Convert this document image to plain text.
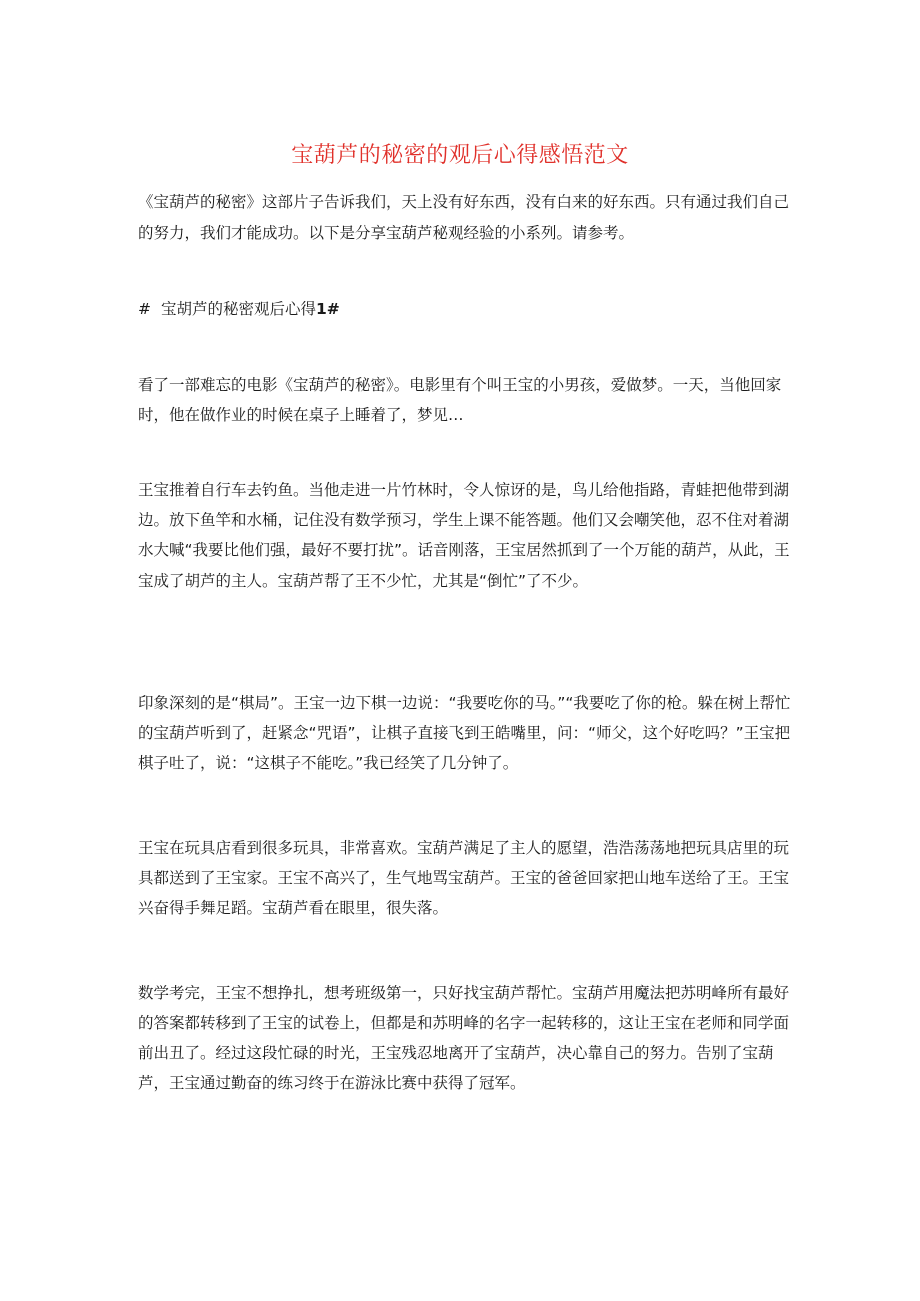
宝葫芦的秘密的观后心得感悟范文

《宝葫芦的秘密》这部片子告诉我们，天上没有好东西，没有白来的好东西。只有通过我们自己的努力，我们才能成功。以下是分享宝葫芦秘观经验的小系列。请参考。

# 宝胡芦的秘密观后心得1#

看了一部难忘的电影《宝葫芦的秘密》。电影里有个叫王宝的小男孩，爱做梦。一天，当他回家时，他在做作业的时候在桌子上睡着了，梦见…

王宝推着自行车去钓鱼。当他走进一片竹林时，令人惊讶的是，鸟儿给他指路，青蛙把他带到湖边。放下鱼竿和水桶，记住没有数学预习，学生上课不能答题。他们又会嘲笑他，忍不住对着湖水大喊“我要比他们强，最好不要打扰”。话音刚落，王宝居然抓到了一个万能的葫芦，从此，王宝成了胡芦的主人。宝葫芦帮了王不少忙，尤其是“倒忙”了不少。

印象深刻的是“棋局”。王宝一边下棋一边说：“我要吃你的马。”“我要吃了你的枪。躲在树上帮忙的宝葫芦听到了，赶紧念“咒语”，让棋子直接飞到王皓嘴里，问：“师父，这个好吃吗？”王宝把棋子吐了，说：“这棋子不能吃。”我已经笑了几分钟了。

王宝在玩具店看到很多玩具，非常喜欢。宝葫芦满足了主人的愿望，浩浩荡荡地把玩具店里的玩具都送到了王宝家。王宝不高兴了，生气地骂宝葫芦。王宝的爸爸回家把山地车送给了王。王宝兴奋得手舞足蹈。宝葫芦看在眼里，很失落。

数学考完，王宝不想挣扎，想考班级第一，只好找宝葫芦帮忙。宝葫芦用魔法把苏明峰所有最好的答案都转移到了王宝的试卷上，但都是和苏明峰的名字一起转移的，这让王宝在老师和同学面前出丑了。经过这段忙碌的时光，王宝残忍地离开了宝葫芦，决心靠自己的努力。告别了宝葫芦，王宝通过勤奋的练习终于在游泳比赛中获得了冠军。
